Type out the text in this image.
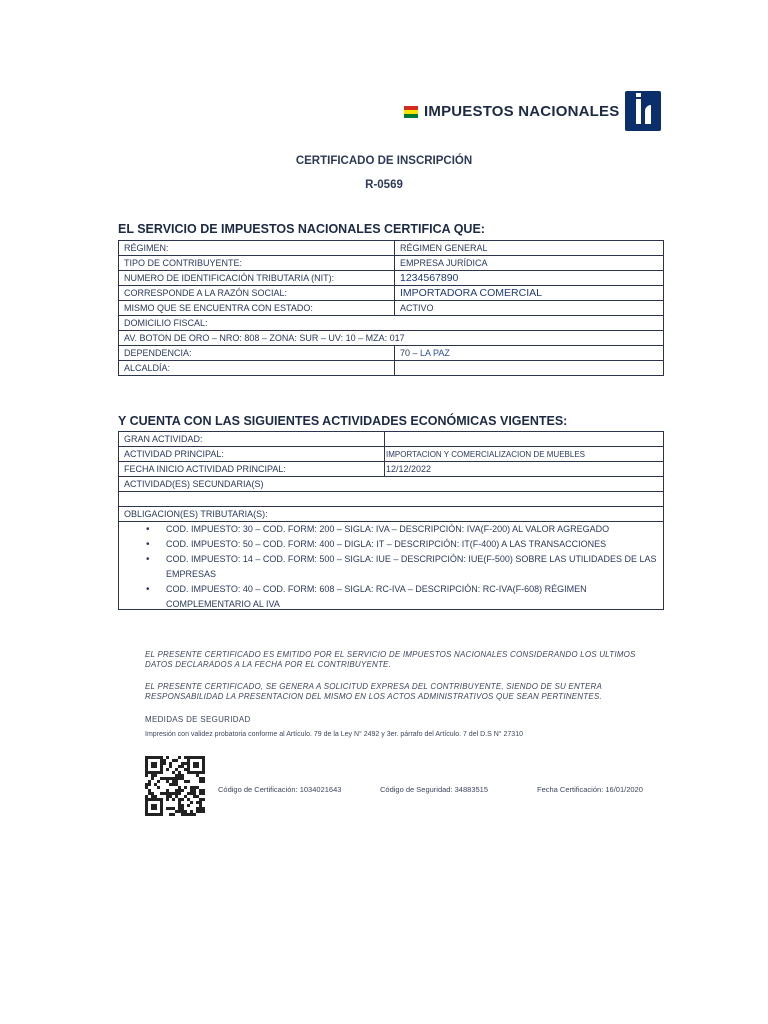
IMPUESTOS NACIONALES
CERTIFICADO DE INSCRIPCIÓN
R-0569
EL SERVICIO DE IMPUESTOS NACIONALES CERTIFICA QUE:
RÉGIMEN:	RÉGIMEN GENERAL
TIPO DE CONTRIBUYENTE:	EMPRESA JURÍDICA
NUMERO DE IDENTIFICACIÓN TRIBUTARIA (NIT):	1234567890
CORRESPONDE A LA RAZÓN SOCIAL:	IMPORTADORA COMERCIAL
MISMO QUE SE ENCUENTRA CON ESTADO:	ACTIVO
DOMICILIO FISCAL:	
AV. BOTON DE ORO – NRO: 808 – ZONA: SUR – UV: 10 – MZA: 017	
DEPENDENCIA:	70 – LA PAZ
ALCALDÍA:	
Y CUENTA CON LAS SIGUIENTES ACTIVIDADES ECONÓMICAS VIGENTES:
GRAN ACTIVIDAD:	
ACTIVIDAD PRINCIPAL:	IMPORTACION Y COMERCIALIZACION DE MUEBLES
FECHA INICIO ACTIVIDAD PRINCIPAL:	12/12/2022
ACTIVIDAD(ES) SECUNDARIA(S)	

OBLIGACION(ES) TRIBUTARIA(S):	
• COD. IMPUESTO: 30 – COD. FORM: 200 – SIGLA: IVA – DESCRIPCIÓN: IVA(F-200) AL VALOR AGREGADO
• COD. IMPUESTO: 50 – COD. FORM: 400 – DIGLA: IT – DESCRIPCIÓN: IT(F-400) A LAS TRANSACCIONES
• COD. IMPUESTO: 14 – COD. FORM: 500 – SIGLA: IUE – DESCRIPCIÓN: IUE(F-500) SOBRE LAS UTILIDADES DE LAS EMPRESAS
• COD. IMPUESTO: 40 – COD. FORM: 608 – SIGLA: RC-IVA – DESCRIPCIÓN: RC-IVA(F-608) RÉGIMEN COMPLEMENTARIO AL IVA
EL PRESENTE CERTIFICADO ES EMITIDO POR EL SERVICIO DE IMPUESTOS NACIONALES CONSIDERANDO LOS ULTIMOS DATOS DECLARADOS A LA FECHA POR EL CONTRIBUYENTE.
EL PRESENTE CERTIFICADO, SE GENERA A SOLICITUD EXPRESA DEL CONTRIBUYENTE, SIENDO DE SU ENTERA RESPONSABILIDAD LA PRESENTACION DEL MISMO EN LOS ACTOS ADMINISTRATIVOS QUE SEAN PERTINENTES.
MEDIDAS DE SEGURIDAD
Impresión con validez probatoria conforme al Artículo. 79 de la Ley N° 2492 y 3er. párrafo del Artículo. 7 del D.S N° 27310
Código de Certificación: 1034021643	Código de Seguridad: 34883515	Fecha Certificación: 16/01/2020
